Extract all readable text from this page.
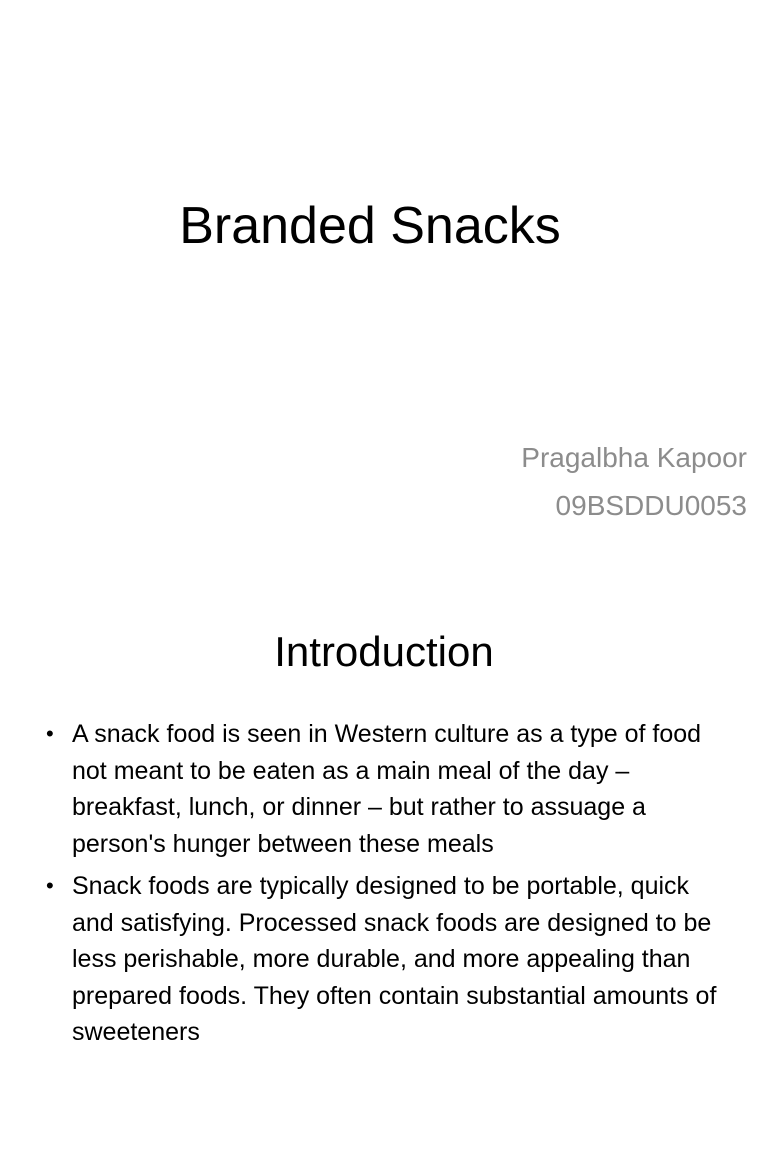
Branded Snacks
Pragalbha Kapoor
09BSDDU0053
Introduction
• A snack food is seen in Western culture as a type of food not meant to be eaten as a main meal of the day – breakfast, lunch, or dinner – but rather to assuage a person's hunger between these meals
• Snack foods are typically designed to be portable, quick and satisfying. Processed snack foods are designed to be less perishable, more durable, and more appealing than prepared foods. They often contain substantial amounts of sweeteners
